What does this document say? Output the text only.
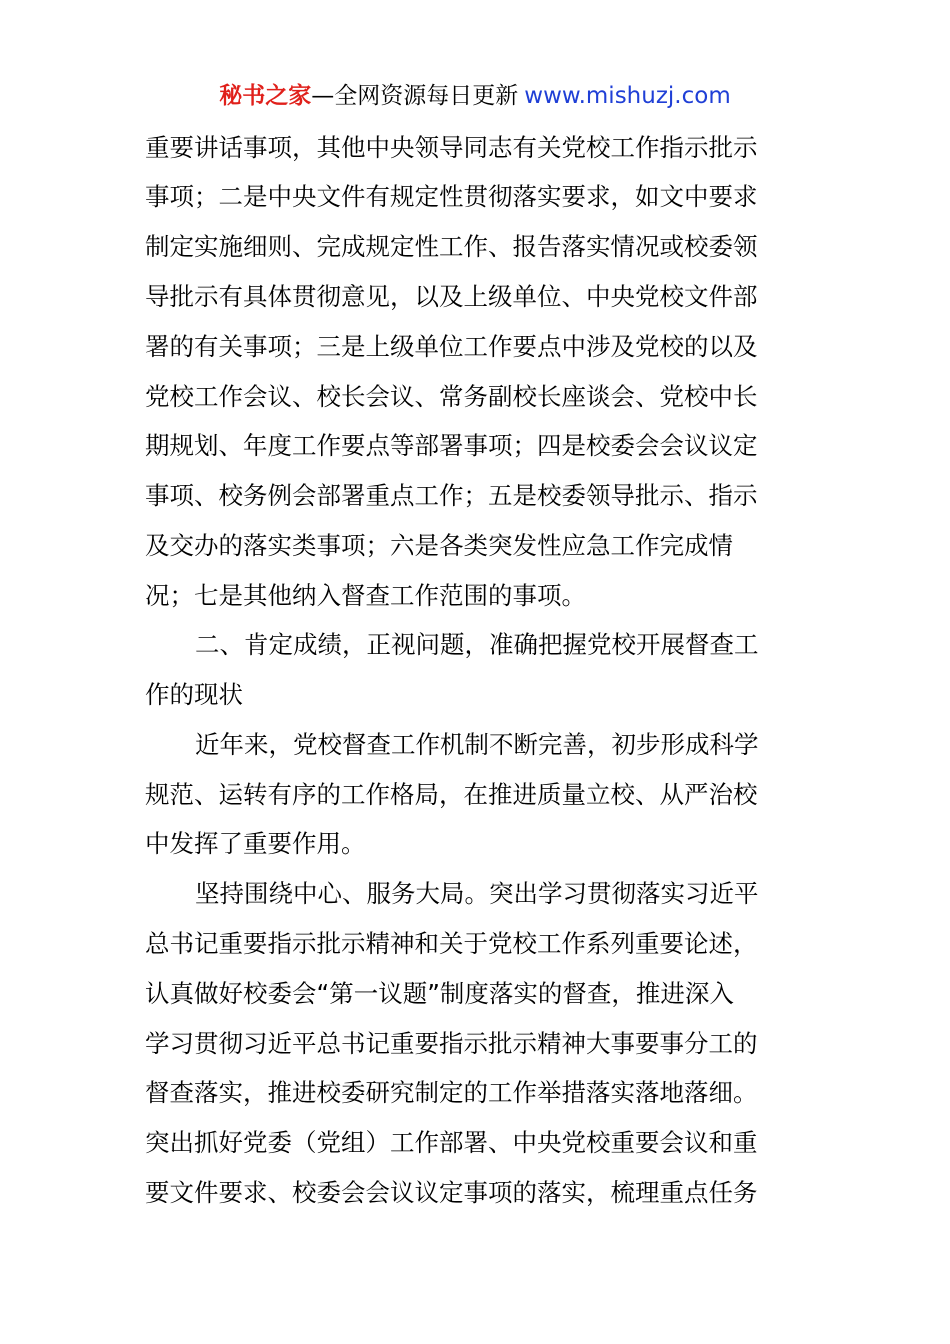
秘书之家—全网资源每日更新 www.mishuzj.com
重要讲话事项，其他中央领导同志有关党校工作指示批示
事项；二是中央文件有规定性贯彻落实要求，如文中要求
制定实施细则、完成规定性工作、报告落实情况或校委领
导批示有具体贯彻意见，以及上级单位、中央党校文件部
署的有关事项；三是上级单位工作要点中涉及党校的以及
党校工作会议、校长会议、常务副校长座谈会、党校中长
期规划、年度工作要点等部署事项；四是校委会会议议定
事项、校务例会部署重点工作；五是校委领导批示、指示
及交办的落实类事项；六是各类突发性应急工作完成情
况；七是其他纳入督查工作范围的事项。
二、肯定成绩，正视问题，准确把握党校开展督查工
作的现状
近年来，党校督查工作机制不断完善，初步形成科学
规范、运转有序的工作格局，在推进质量立校、从严治校
中发挥了重要作用。
坚持围绕中心、服务大局。突出学习贯彻落实习近平
总书记重要指示批示精神和关于党校工作系列重要论述，
认真做好校委会“第一议题”制度落实的督查，推进深入
学习贯彻习近平总书记重要指示批示精神大事要事分工的
督查落实，推进校委研究制定的工作举措落实落地落细。
突出抓好党委（党组）工作部署、中央党校重要会议和重
要文件要求、校委会会议议定事项的落实，梳理重点任务
